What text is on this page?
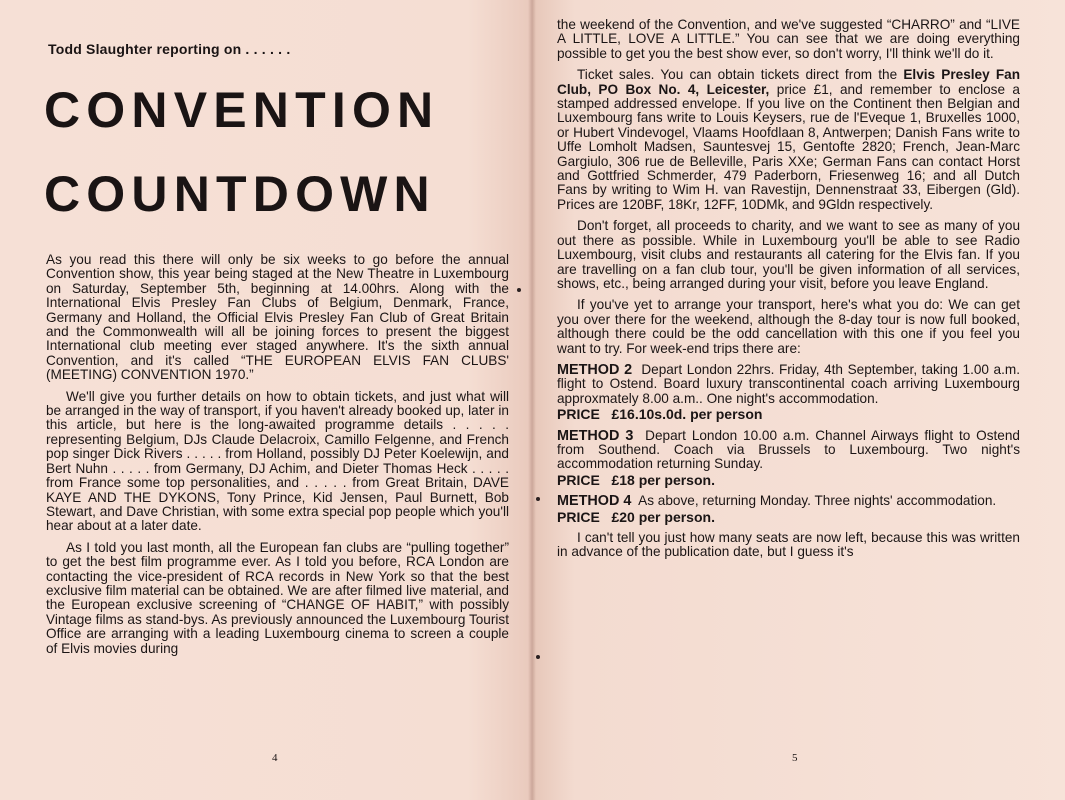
Todd Slaughter reporting on . . . . . .
CONVENTION
COUNTDOWN

As you read this there will only be six weeks to go before the annual Convention show, this year being staged at the New Theatre in Luxembourg on Saturday, September 5th, beginning at 14.00hrs. Along with the International Elvis Presley Fan Clubs of Belgium, Denmark, France, Germany and Holland, the Official Elvis Presley Fan Club of Great Britain and the Commonwealth will all be joining forces to present the biggest International club meeting ever staged anywhere. It's the sixth annual Convention, and it's called “THE EUROPEAN ELVIS FAN CLUBS' (MEETING) CONVENTION 1970.”

We'll give you further details on how to obtain tickets, and just what will be arranged in the way of transport, if you haven't already booked up, later in this article, but here is the long-awaited programme details . . . . . representing Belgium, DJs Claude Delacroix, Camillo Felgenne, and French pop singer Dick Rivers . . . . . from Holland, possibly DJ Peter Koelewijn, and Bert Nuhn . . . . . from Germany, DJ Achim, and Dieter Thomas Heck . . . . . from France some top personalities, and . . . . . from Great Britain, DAVE KAYE AND THE DYKONS, Tony Prince, Kid Jensen, Paul Burnett, Bob Stewart, and Dave Christian, with some extra special pop people which you'll hear about at a later date.

As I told you last month, all the European fan clubs are “pulling together” to get the best film programme ever. As I told you before, RCA London are contacting the vice-president of RCA records in New York so that the best exclusive film material can be obtained. We are after filmed live material, and the European exclusive screening of “CHANGE OF HABIT,” with possibly Vintage films as stand-bys. As previously announced the Luxembourg Tourist Office are arranging with a leading Luxembourg cinema to screen a couple of Elvis movies during

4

the weekend of the Convention, and we've suggested “CHARRO” and “LIVE A LITTLE, LOVE A LITTLE.” You can see that we are doing everything possible to get you the best show ever, so don't worry, I'll think we'll do it.

Ticket sales. You can obtain tickets direct from the Elvis Presley Fan Club, PO Box No. 4, Leicester, price £1, and remember to enclose a stamped addressed envelope. If you live on the Continent then Belgian and Luxembourg fans write to Louis Keysers, rue de l'Eveque 1, Bruxelles 1000, or Hubert Vindevogel, Vlaams Hoofdlaan 8, Antwerpen; Danish Fans write to Uffe Lomholt Madsen, Sauntesvej 15, Gentofte 2820; French, Jean-Marc Gargiulo, 306 rue de Belleville, Paris XXe; German Fans can contact Horst and Gottfried Schmerder, 479 Paderborn, Friesenweg 16; and all Dutch Fans by writing to Wim H. van Ravestijn, Dennenstraat 33, Eibergen (Gld). Prices are 120BF, 18Kr, 12FF, 10DMk, and 9Gldn respectively.

Don't forget, all proceeds to charity, and we want to see as many of you out there as possible. While in Luxembourg you'll be able to see Radio Luxembourg, visit clubs and restaurants all catering for the Elvis fan. If you are travelling on a fan club tour, you'll be given information of all services, shows, etc., being arranged during your visit, before you leave England.

If you've yet to arrange your transport, here's what you do: We can get you over there for the weekend, although the 8-day tour is now full booked, although there could be the odd cancellation with this one if you feel you want to try. For week-end trips there are:

METHOD 2 Depart London 22hrs. Friday, 4th September, taking 1.00 a.m. flight to Ostend. Board luxury transcontinental coach arriving Luxembourg approxmately 8.00 a.m.. One night's accommodation.

PRICE £16.10s.0d. per person

METHOD 3 Depart London 10.00 a.m. Channel Airways flight to Ostend from Southend. Coach via Brussels to Luxembourg. Two night's accommodation returning Sunday.

PRICE £18 per person.

METHOD 4 As above, returning Monday. Three nights' accommodation.

PRICE £20 per person.

I can't tell you just how many seats are now left, because this was written in advance of the publication date, but I guess it's

5
